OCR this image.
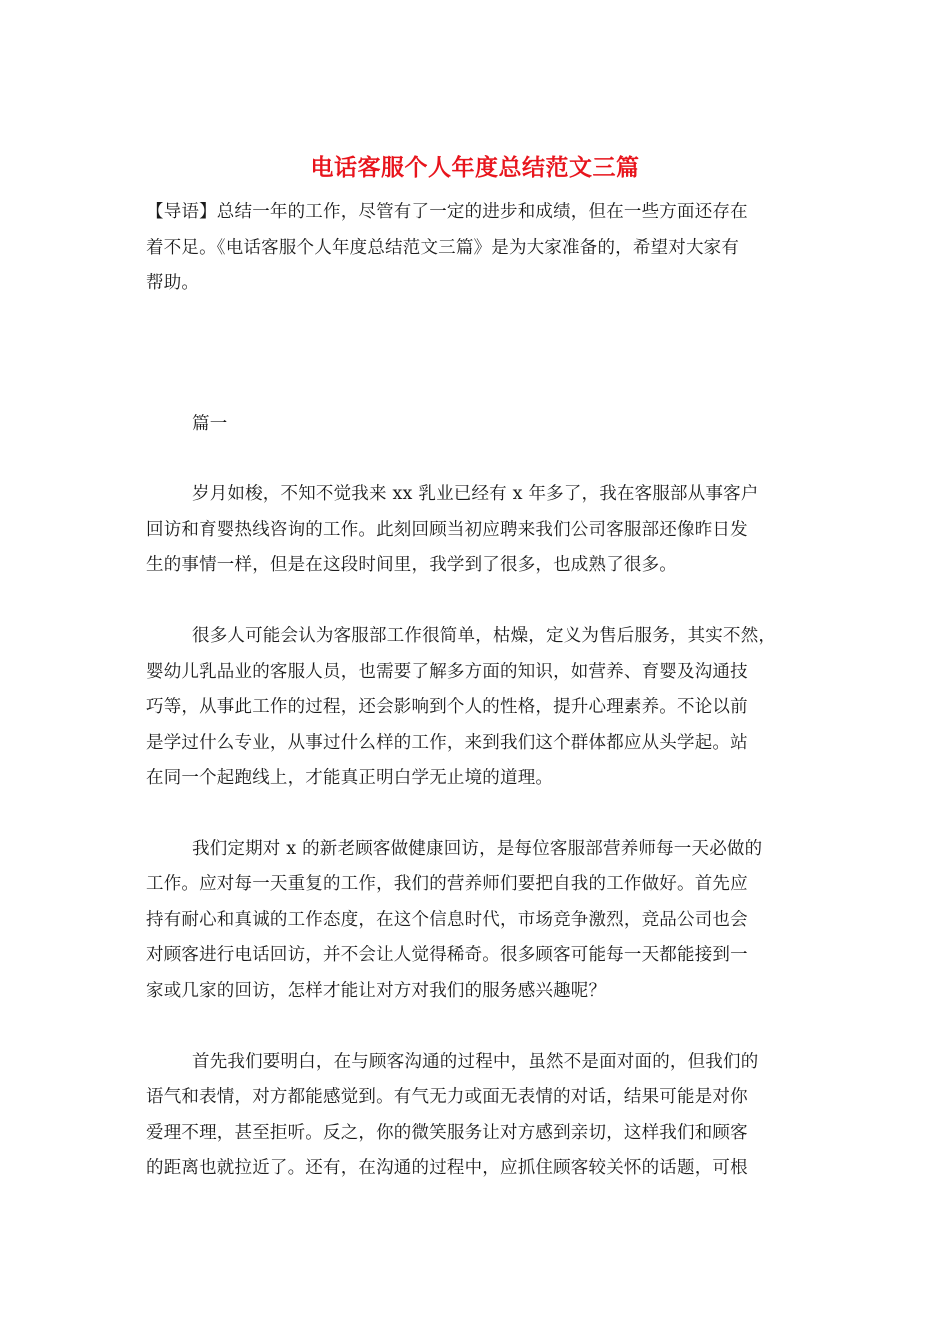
电话客服个人年度总结范文三篇
【导语】总结一年的工作，尽管有了一定的进步和成绩，但在一些方面还存在
着不足。《电话客服个人年度总结范文三篇》是为大家准备的，希望对大家有
帮助。
篇一
岁月如梭，不知不觉我来 xx 乳业已经有 x 年多了，我在客服部从事客户
回访和育婴热线咨询的工作。此刻回顾当初应聘来我们公司客服部还像昨日发
生的事情一样，但是在这段时间里，我学到了很多，也成熟了很多。
很多人可能会认为客服部工作很简单，枯燥，定义为售后服务，其实不然，
婴幼儿乳品业的客服人员，也需要了解多方面的知识，如营养、育婴及沟通技
巧等，从事此工作的过程，还会影响到个人的性格，提升心理素养。不论以前
是学过什么专业，从事过什么样的工作，来到我们这个群体都应从头学起。站
在同一个起跑线上，才能真正明白学无止境的道理。
我们定期对 x 的新老顾客做健康回访，是每位客服部营养师每一天必做的
工作。应对每一天重复的工作，我们的营养师们要把自我的工作做好。首先应
持有耐心和真诚的工作态度，在这个信息时代，市场竞争激烈，竞品公司也会
对顾客进行电话回访，并不会让人觉得稀奇。很多顾客可能每一天都能接到一
家或几家的回访，怎样才能让对方对我们的服务感兴趣呢？
首先我们要明白，在与顾客沟通的过程中，虽然不是面对面的，但我们的
语气和表情，对方都能感觉到。有气无力或面无表情的对话，结果可能是对你
爱理不理，甚至拒听。反之，你的微笑服务让对方感到亲切，这样我们和顾客
的距离也就拉近了。还有，在沟通的过程中，应抓住顾客较关怀的话题，可根
